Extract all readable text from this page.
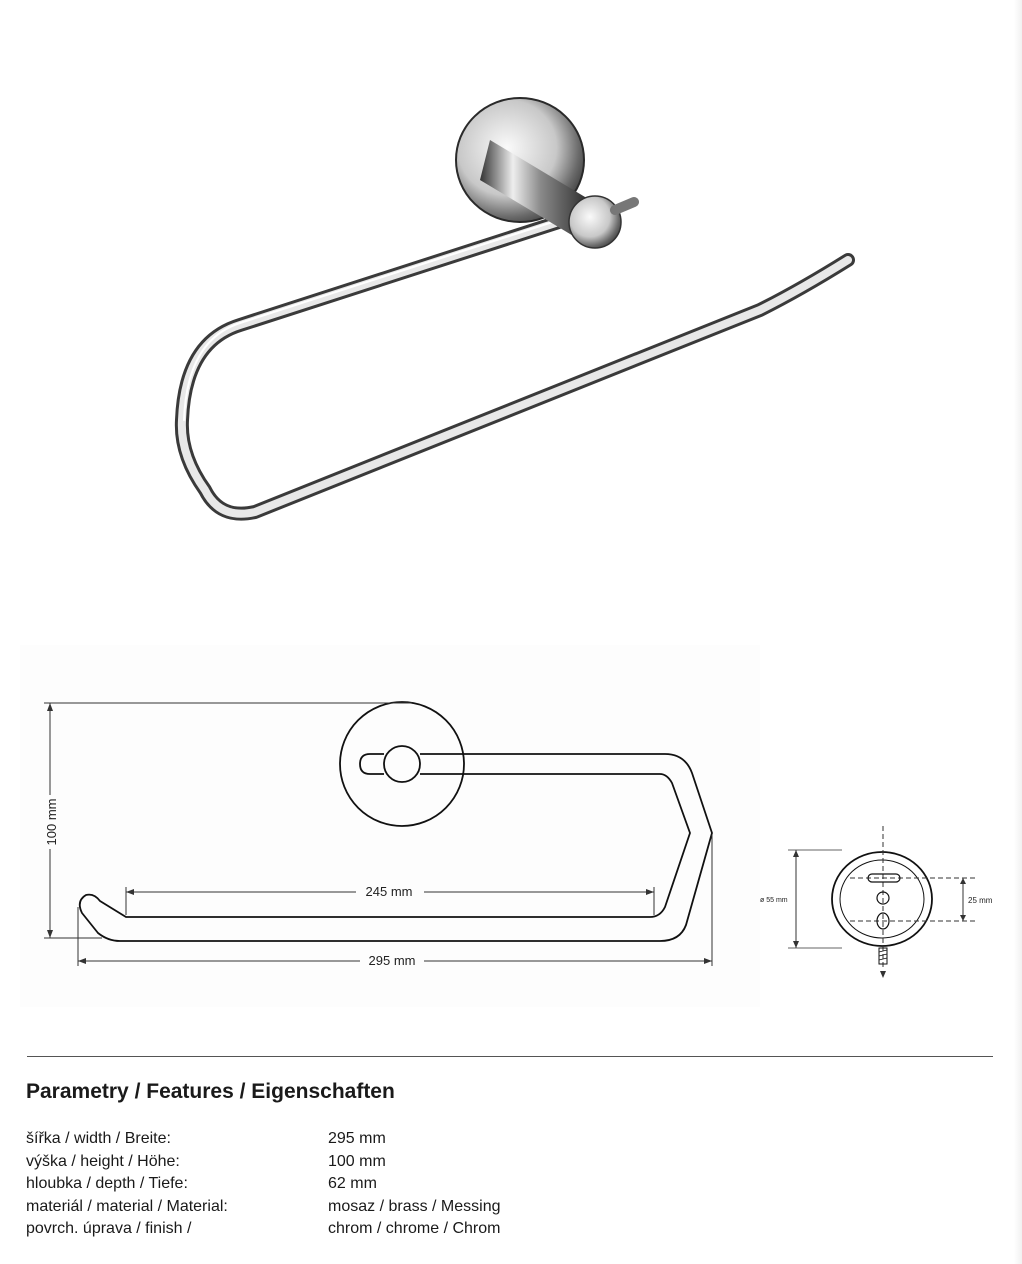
100 mm
245 mm
295 mm
ø 55 mm	25 mm
Parametry / Features / Eigenschaften
šířka / width / Breite:	295 mm
výška / height / Höhe:	100 mm
hloubka / depth / Tiefe:	62 mm
materiál / material / Material:	mosaz / brass / Messing
povrch. úprava / finish /	chrom / chrome / Chrom
